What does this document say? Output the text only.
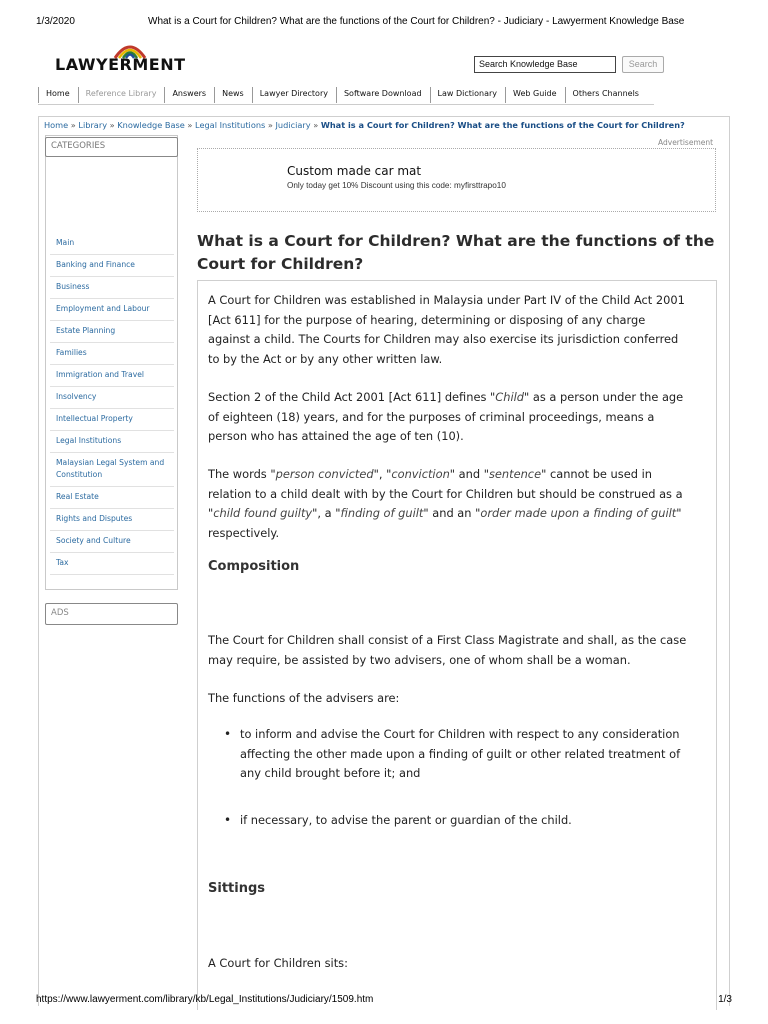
1/3/2020	What is a Court for Children? What are the functions of the Court for Children? - Judiciary - Lawyerment Knowledge Base
LAWYERMENT	Search Knowledge Base	Search
Home	Reference Library	Answers	News	Lawyer Directory	Software Download	Law Dictionary	Web Guide	Others Channels
Home » Library » Knowledge Base » Legal Institutions » Judiciary » What is a Court for Children? What are the functions of the Court for Children?
CATEGORIES
Main
Banking and Finance
Business
Employment and Labour
Estate Planning
Families
Immigration and Travel
Insolvency
Intellectual Property
Legal Institutions
Malaysian Legal System and Constitution
Real Estate
Rights and Disputes
Society and Culture
Tax
ADS
Advertisement
Custom made car mat
Only today get 10% Discount using this code: myfirsttrapo10
What is a Court for Children? What are the functions of the Court for Children?

A Court for Children was established in Malaysia under Part IV of the Child Act 2001 [Act 611] for the purpose of hearing, determining or disposing of any charge against a child. The Courts for Children may also exercise its jurisdiction conferred to by the Act or by any other written law.

Section 2 of the Child Act 2001 [Act 611] defines "Child" as a person under the age of eighteen (18) years, and for the purposes of criminal proceedings, means a person who has attained the age of ten (10).

The words "person convicted", "conviction" and "sentence" cannot be used in relation to a child dealt with by the Court for Children but should be construed as a "child found guilty", a "finding of guilt" and an "order made upon a finding of guilt" respectively.

Composition

The Court for Children shall consist of a First Class Magistrate and shall, as the case may require, be assisted by two advisers, one of whom shall be a woman.

The functions of the advisers are:

• to inform and advise the Court for Children with respect to any consideration affecting the other made upon a finding of guilt or other related treatment of any child brought before it; and
• if necessary, to advise the parent or guardian of the child.
Sittings

A Court for Children sits:

https://www.lawyerment.com/library/kb/Legal_Institutions/Judiciary/1509.htm	1/3
